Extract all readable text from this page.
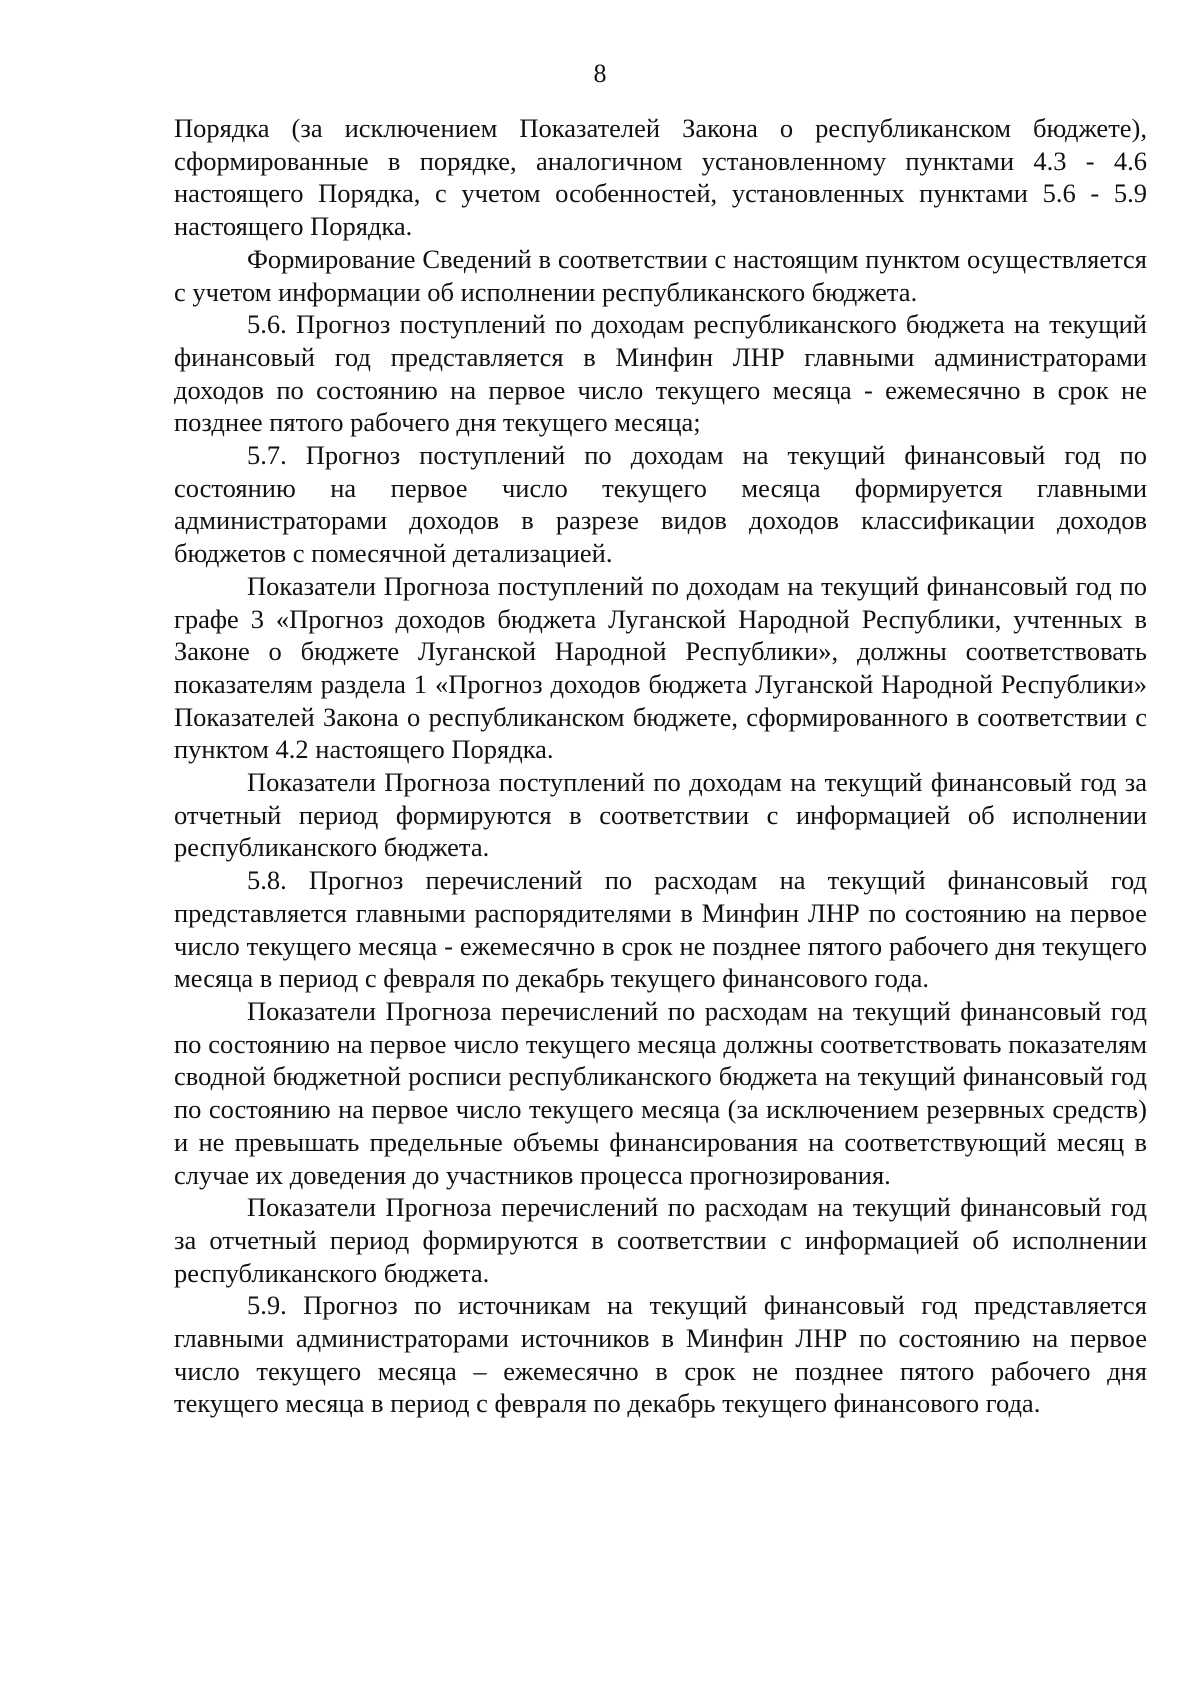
8

Порядка (за исключением Показателей Закона о республиканском бюджете), сформированные в порядке, аналогичном установленному пунктами 4.3 - 4.6 настоящего Порядка, с учетом особенностей, установленных пунктами 5.6 - 5.9 настоящего Порядка.

Формирование Сведений в соответствии с настоящим пунктом осуществляется с учетом информации об исполнении республиканского бюджета.

5.6. Прогноз поступлений по доходам республиканского бюджета на текущий финансовый год представляется в Минфин ЛНР главными администраторами доходов по состоянию на первое число текущего месяца - ежемесячно в срок не позднее пятого рабочего дня текущего месяца;

5.7. Прогноз поступлений по доходам на текущий финансовый год по состоянию на первое число текущего месяца формируется главными администраторами доходов в разрезе видов доходов классификации доходов бюджетов с помесячной детализацией.

Показатели Прогноза поступлений по доходам на текущий финансовый год по графе 3 «Прогноз доходов бюджета Луганской Народной Республики, учтенных в Законе о бюджете Луганской Народной Республики», должны соответствовать показателям раздела 1 «Прогноз доходов бюджета Луганской Народной Республики» Показателей Закона о республиканском бюджете, сформированного в соответствии с пунктом 4.2 настоящего Порядка.

Показатели Прогноза поступлений по доходам на текущий финансовый год за отчетный период формируются в соответствии с информацией об исполнении республиканского бюджета.

5.8. Прогноз перечислений по расходам на текущий финансовый год представляется главными распорядителями в Минфин ЛНР по состоянию на первое число текущего месяца - ежемесячно в срок не позднее пятого рабочего дня текущего месяца в период с февраля по декабрь текущего финансового года.

Показатели Прогноза перечислений по расходам на текущий финансовый год по состоянию на первое число текущего месяца должны соответствовать показателям сводной бюджетной росписи республиканского бюджета на текущий финансовый год по состоянию на первое число текущего месяца (за исключением резервных средств) и не превышать предельные объемы финансирования на соответствующий месяц в случае их доведения до участников процесса прогнозирования.

Показатели Прогноза перечислений по расходам на текущий финансовый год за отчетный период формируются в соответствии с информацией об исполнении республиканского бюджета.

5.9. Прогноз по источникам на текущий финансовый год представляется главными администраторами источников в Минфин ЛНР по состоянию на первое число текущего месяца – ежемесячно в срок не позднее пятого рабочего дня текущего месяца в период с февраля по декабрь текущего финансового года.
